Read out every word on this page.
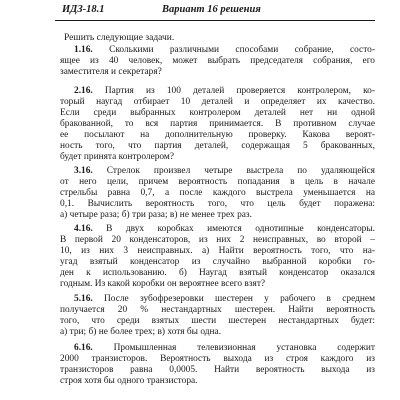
ИДЗ-18.1	Вариант 16 решения
Решить следующие задачи.
1.16. Сколькими различными способами собрание, состо-
ящее из 40 человек, может выбрать председателя собрания, его
заместителя и секретаря?
2.16. Партия из 100 деталей проверяется контролером, ко-
торый наугад отбирает 10 деталей и определяет их качество.
Если среди выбранных контролером деталей нет ни одной
бракованной, то вся партия принимается. В противном случае
ее посылают на дополнительную проверку. Какова вероят-
ность того, что партия деталей, содержащая 5 бракованных,
будет принята контролером?
3.16. Стрелок произвел четыре выстрела по удаляющейся
от него цели, причем вероятность попадания в цель в начале
стрельбы равна 0,7, а после каждого выстрела уменьшается на
0,1. Вычислить вероятность того, что цель будет поражена:
а) четыре раза; б) три раза; в) не менее трех раз.
4.16. В двух коробках имеются однотипные конденсаторы.
В первой 20 конденсаторов, из них 2 неисправных, во второй –
10, из них 3 неисправных. а) Найти вероятность того, что на-
угад взятый конденсатор из случайно выбранной коробки го-
ден к использованию. б) Наугад взятый конденсатор оказался
годным. Из какой коробки он вероятнее всего взят?
5.16. После зубофрезеровки шестерен у рабочего в среднем
получается 20 % нестандартных шестерен. Найти вероятность
того, что среди взятых шести шестерен нестандартных будет:
а) три; б) не более трех; в) хотя бы одна.
6.16. Промышленная телевизионная установка содержит
2000 транзисторов. Вероятность выхода из строя каждого из
транзисторов равна 0,0005. Найти вероятность выхода из
строя хотя бы одного транзистора.
